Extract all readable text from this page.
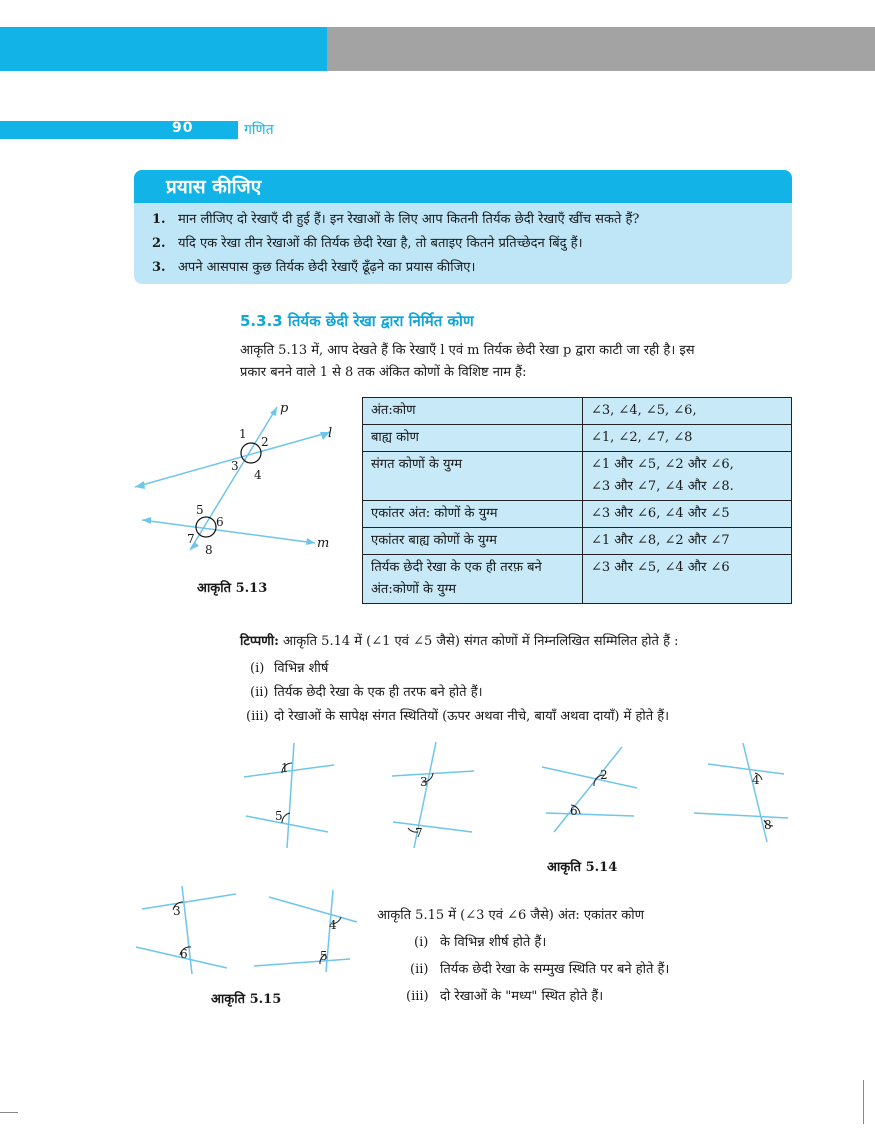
90	गणित
प्रयास कीजिए
1. मान लीजिए दो रेखाएँ दी हुई हैं। इन रेखाओं के लिए आप कितनी तिर्यक छेदी रेखाएँ खींच सकते हैं?
2. यदि एक रेखा तीन रेखाओं की तिर्यक छेदी रेखा है, तो बताइए कितने प्रतिच्छेदन बिंदु हैं।
3. अपने आसपास कुछ तिर्यक छेदी रेखाएँ ढूँढ़ने का प्रयास कीजिए।
5.3.3 तिर्यक छेदी रेखा द्वारा निर्मित कोण
आकृति 5.13 में, आप देखते हैं कि रेखाएँ l एवं m तिर्यक छेदी रेखा p द्वारा काटी जा रही है। इस
प्रकार बनने वाले 1 से 8 तक अंकित कोणों के विशिष्ट नाम हैं:
p
l
m
1
2
3
4
5
6
7
8
आकृति 5.13
अंत:कोण	∠3, ∠4, ∠5, ∠6,

बाह्य कोण	∠1, ∠2, ∠7, ∠8

संगत कोणों के युग्म	∠1 और ∠5, ∠2 और ∠6,
∠3 और ∠7, ∠4 और ∠8.

एकांतर अंत: कोणों के युग्म	∠3 और ∠6, ∠4 और ∠5

एकांतर बाह्य कोणों के युग्म	∠1 और ∠8, ∠2 और ∠7

तिर्यक छेदी रेखा के एक ही तरफ़ बने अंत:कोणों के युग्म	∠3 और ∠5, ∠4 और ∠6
टिप्पणी: आकृति 5.14 में (∠1 एवं ∠5 जैसे) संगत कोणों में निम्नलिखित सम्मिलित होते हैं :
(i) विभिन्न शीर्ष
(ii) तिर्यक छेदी रेखा के एक ही तरफ बने होते हैं।
(iii) दो रेखाओं के सापेक्ष संगत स्थितियों (ऊपर अथवा नीचे, बायाँ अथवा दायाँ) में होते हैं।
1
5
3
7
2
6
4
8
आकृति 5.14
3
6
4
5
आकृति 5.15
आकृति 5.15 में (∠3 एवं ∠6 जैसे) अंत: एकांतर कोण
(i) के विभिन्न शीर्ष होते हैं।
(ii) तिर्यक छेदी रेखा के सम्मुख स्थिति पर बने होते हैं।
(iii) दो रेखाओं के "मध्य" स्थित होते हैं।
